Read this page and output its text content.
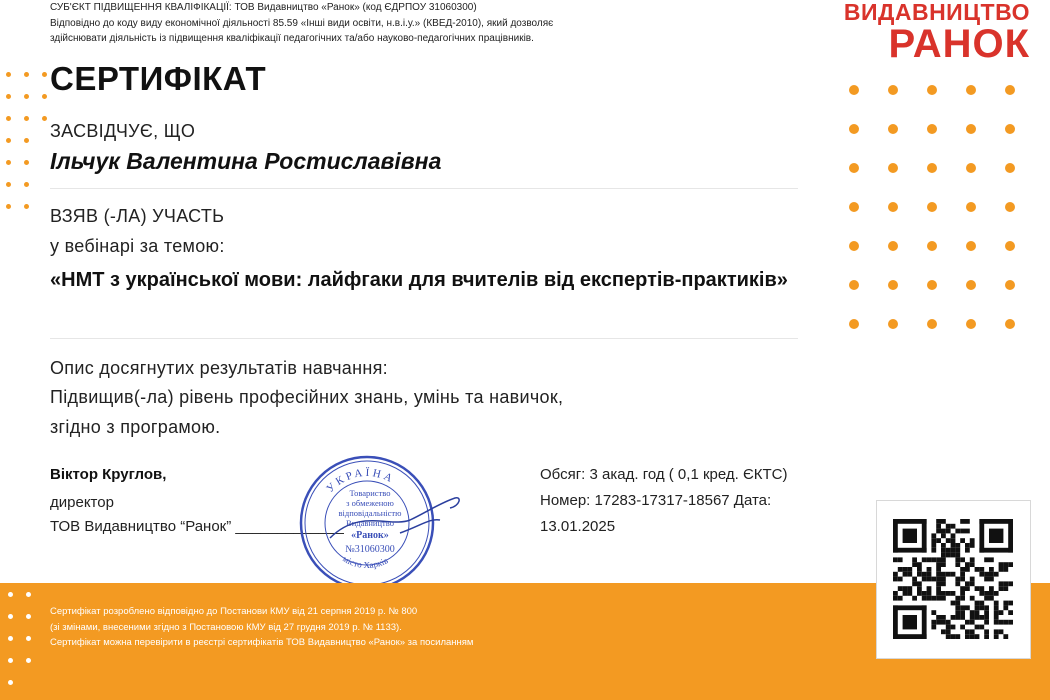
СУБ'ЄКТ ПІДВИЩЕННЯ КВАЛІФІКАЦІЇ: ТОВ Видавництво «Ранок» (код ЄДРПОУ 31060300)
Відповідно до коду виду економічної діяльності 85.59 «Інші види освіти, н.в.і.у.» (КВЕД-2010), який дозволяє
здійснювати діяльність із підвищення кваліфікації педагогічних та/або науково-педагогічних працівників.
ВИДАВНИЦТВО
РАНОК
СЕРТИФІКАТ
ЗАСВІДЧУЄ, ЩО
Ільчук Валентина Ростиславівна
ВЗЯВ (-ЛА) УЧАСТЬ
у вебінарі за темою:
«НМТ з української мови: лайфгаки для вчителів від експертів-практиків»
Опис досягнутих результатів навчання:
Підвищив(-ла) рівень професійних знань, умінь та навичок,
згідно з програмою.
Віктор Круглов,
директор
ТОВ Видавництво “Ранок” _____________
УКРАЇНА
місто Харків
Товариство
з обмеженою
відповідальністю
Видавництво
«Ранок»
№31060300
Обсяг: 3 акад. год ( 0,1 кред. ЄКТС)
Номер: 17283-17317-18567 Дата:
13.01.2025
Сертифікат розроблено відповідно до Постанови КМУ від 21 серпня 2019 р. № 800
(зі змінами, внесеними згідно з Постановою КМУ від 27 грудня 2019 р. № 1133).
Сертифікат можна перевірити в реєстрі сертифікатів ТОВ Видавництво «Ранок» за посиланням
